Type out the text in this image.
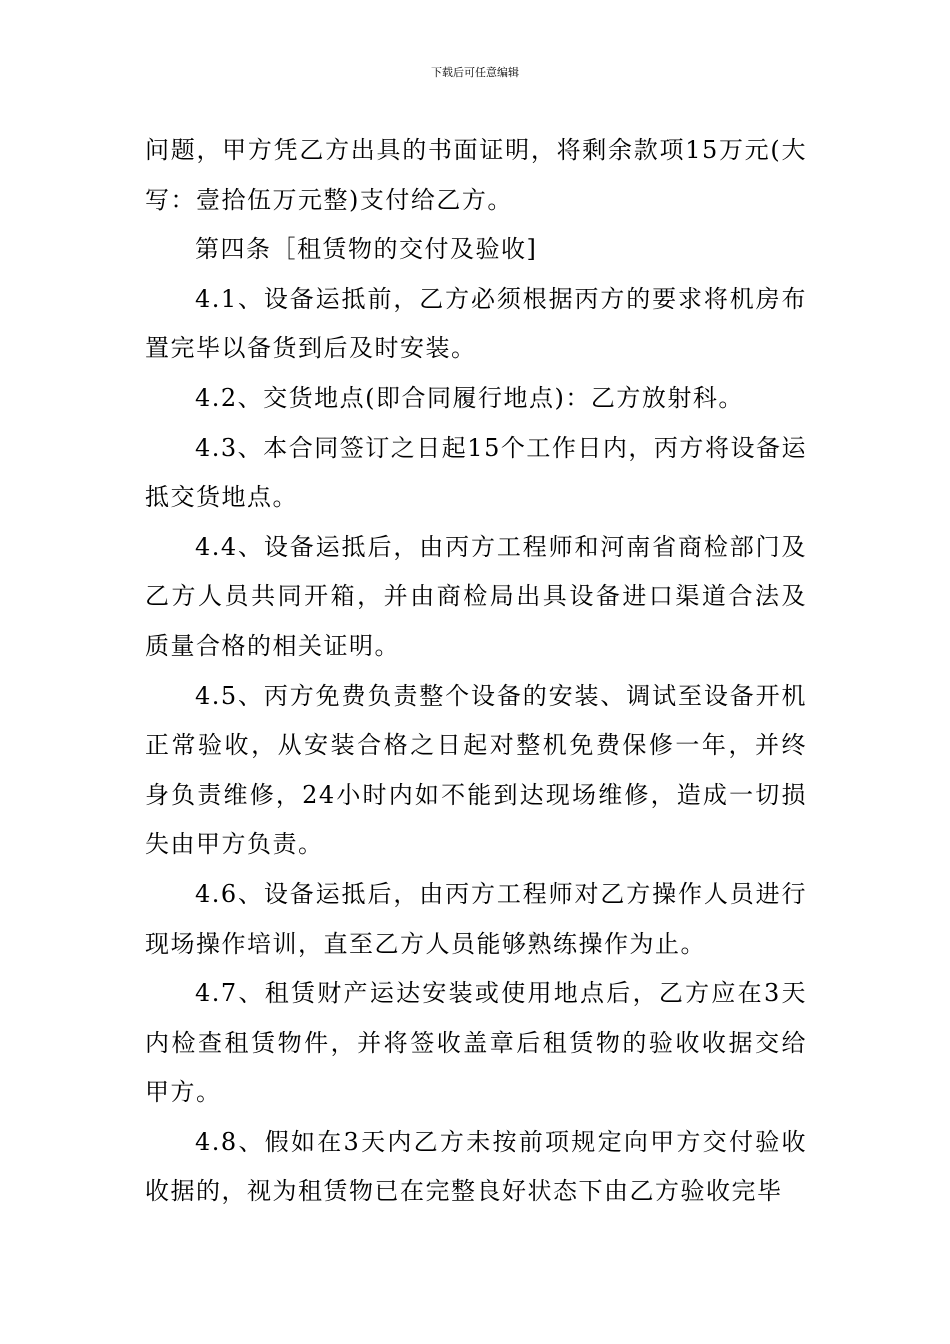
下载后可任意编辑

问题，甲方凭乙方出具的书面证明，将剩余款项15万元(大写：壹拾伍万元整)支付给乙方。

第四条［租赁物的交付及验收]

4.1、设备运抵前，乙方必须根据丙方的要求将机房布置完毕以备货到后及时安装。

4.2、交货地点(即合同履行地点)：乙方放射科。

4.3、本合同签订之日起15个工作日内，丙方将设备运抵交货地点。

4.4、设备运抵后，由丙方工程师和河南省商检部门及乙方人员共同开箱，并由商检局出具设备进口渠道合法及质量合格的相关证明。

4.5、丙方免费负责整个设备的安装、调试至设备开机正常验收，从安装合格之日起对整机免费保修一年，并终身负责维修，24小时内如不能到达现场维修，造成一切损失由甲方负责。

4.6、设备运抵后，由丙方工程师对乙方操作人员进行现场操作培训，直至乙方人员能够熟练操作为止。

4.7、租赁财产运达安装或使用地点后，乙方应在3天内检查租赁物件，并将签收盖章后租赁物的验收收据交给甲方。

4.8、假如在3天内乙方未按前项规定向甲方交付验收收据的，视为租赁物已在完整良好状态下由乙方验收完毕
